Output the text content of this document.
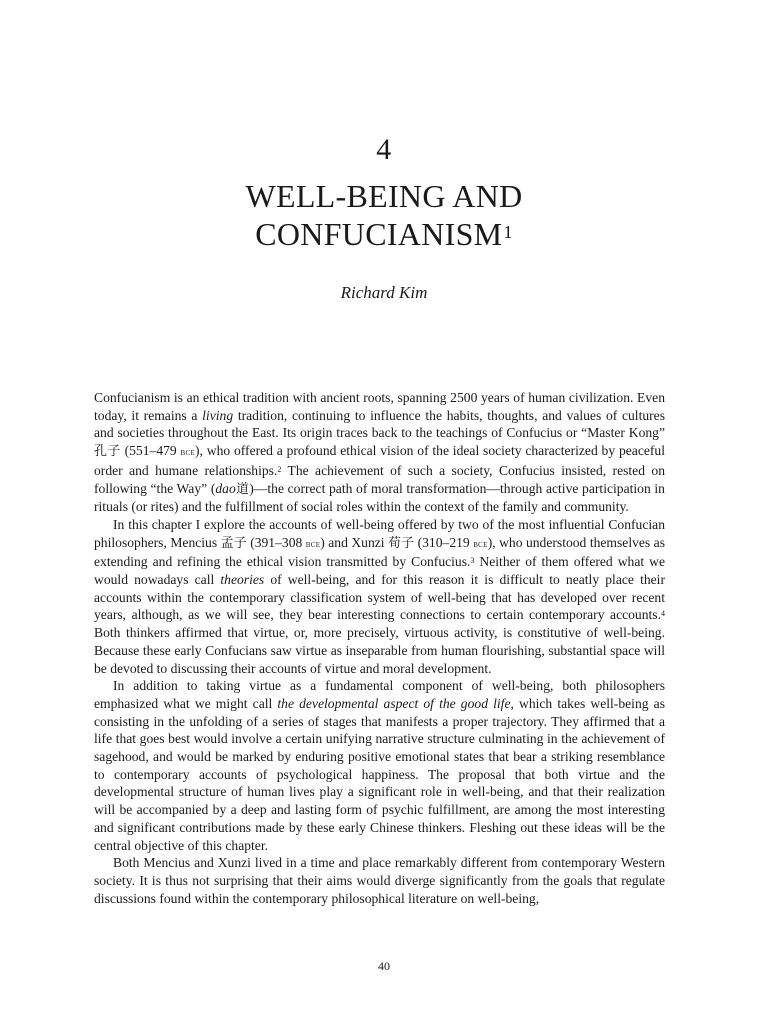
4
WELL-BEING AND
CONFUCIANISM$^1$
Richard Kim

Confucianism is an ethical tradition with ancient roots, spanning 2500 years of human civilization. Even today, it remains a living tradition, continuing to influence the habits, thoughts, and values of cultures and societies throughout the East. Its origin traces back to the teachings of Confucius or “Master Kong” 孔子 (551–479 bce), who offered a profound ethical vision of the ideal society characterized by peaceful order and humane relationships.$^2$ The achievement of such a society, Confucius insisted, rested on following “the Way” (dao道)—the correct path of moral transformation—through active participation in rituals (or rites) and the fulfillment of social roles within the context of the family and community.

In this chapter I explore the accounts of well-being offered by two of the most influential Confucian philosophers, Mencius 孟子 (391–308 bce) and Xunzi 荀子 (310–219 bce), who understood themselves as extending and refining the ethical vision transmitted by Confucius.$^3$ Neither of them offered what we would nowadays call theories of well-being, and for this reason it is difficult to neatly place their accounts within the contemporary classification system of well-being that has developed over recent years, although, as we will see, they bear interesting connections to certain contemporary accounts.$^4$ Both thinkers affirmed that virtue, or, more precisely, virtuous activity, is constitutive of well-being. Because these early Confucians saw virtue as inseparable from human flourishing, substantial space will be devoted to discussing their accounts of virtue and moral development.

In addition to taking virtue as a fundamental component of well-being, both philosophers emphasized what we might call the developmental aspect of the good life, which takes well-being as consisting in the unfolding of a series of stages that manifests a proper trajectory. They affirmed that a life that goes best would involve a certain unifying narrative structure culminating in the achievement of sagehood, and would be marked by enduring positive emotional states that bear a striking resemblance to contemporary accounts of psychological happiness. The proposal that both virtue and the developmental structure of human lives play a significant role in well-being, and that their realization will be accompanied by a deep and lasting form of psychic fulfillment, are among the most interesting and significant contributions made by these early Chinese thinkers. Fleshing out these ideas will be the central objective of this chapter.

Both Mencius and Xunzi lived in a time and place remarkably different from contemporary Western society. It is thus not surprising that their aims would diverge significantly from the goals that regulate discussions found within the contemporary philosophical literature on well-being,

40
